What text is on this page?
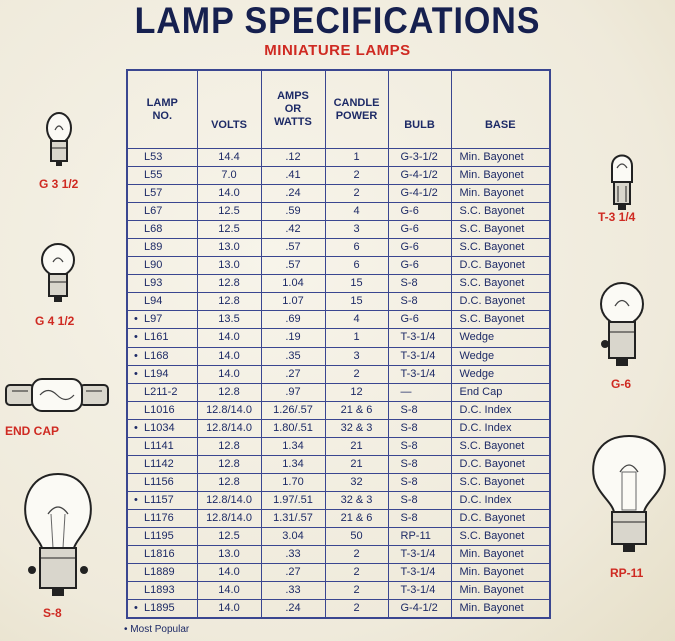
LAMP SPECIFICATIONS
MINIATURE LAMPS
LAMP
NO.	VOLTS	AMPS
OR
WATTS	CANDLE
POWER	BULB	BASE
L53	14.4	.12	1	G-3-1/2	Min. Bayonet
L55	7.0	.41	2	G-4-1/2	Min. Bayonet
L57	14.0	.24	2	G-4-1/2	Min. Bayonet
L67	12.5	.59	4	G-6	S.C. Bayonet
L68	12.5	.42	3	G-6	S.C. Bayonet
L89	13.0	.57	6	G-6	S.C. Bayonet
L90	13.0	.57	6	G-6	D.C. Bayonet
L93	12.8	1.04	15	S-8	S.C. Bayonet
L94	12.8	1.07	15	S-8	D.C. Bayonet
• L97	13.5	.69	4	G-6	S.C. Bayonet
• L161	14.0	.19	1	T-3-1/4	Wedge
• L168	14.0	.35	3	T-3-1/4	Wedge
• L194	14.0	.27	2	T-3-1/4	Wedge
L211-2	12.8	.97	12	—	End Cap
L1016	12.8/14.0	1.26/.57	21 & 6	S-8	D.C. Index
• L1034	12.8/14.0	1.80/.51	32 & 3	S-8	D.C. Index
L1141	12.8	1.34	21	S-8	S.C. Bayonet
L1142	12.8	1.34	21	S-8	D.C. Bayonet
L1156	12.8	1.70	32	S-8	S.C. Bayonet
• L1157	12.8/14.0	1.97/.51	32 & 3	S-8	D.C. Index
L1176	12.8/14.0	1.31/.57	21 & 6	S-8	D.C. Bayonet
L1195	12.5	3.04	50	RP-11	S.C. Bayonet
L1816	13.0	.33	2	T-3-1/4	Min. Bayonet
L1889	14.0	.27	2	T-3-1/4	Min. Bayonet
L1893	14.0	.33	2	T-3-1/4	Min. Bayonet
• L1895	14.0	.24	2	G-4-1/2	Min. Bayonet
G 3 1/2
G 4 1/2
END CAP
S-8
T-3 1/4
G-6
RP-11
• Most Popular
